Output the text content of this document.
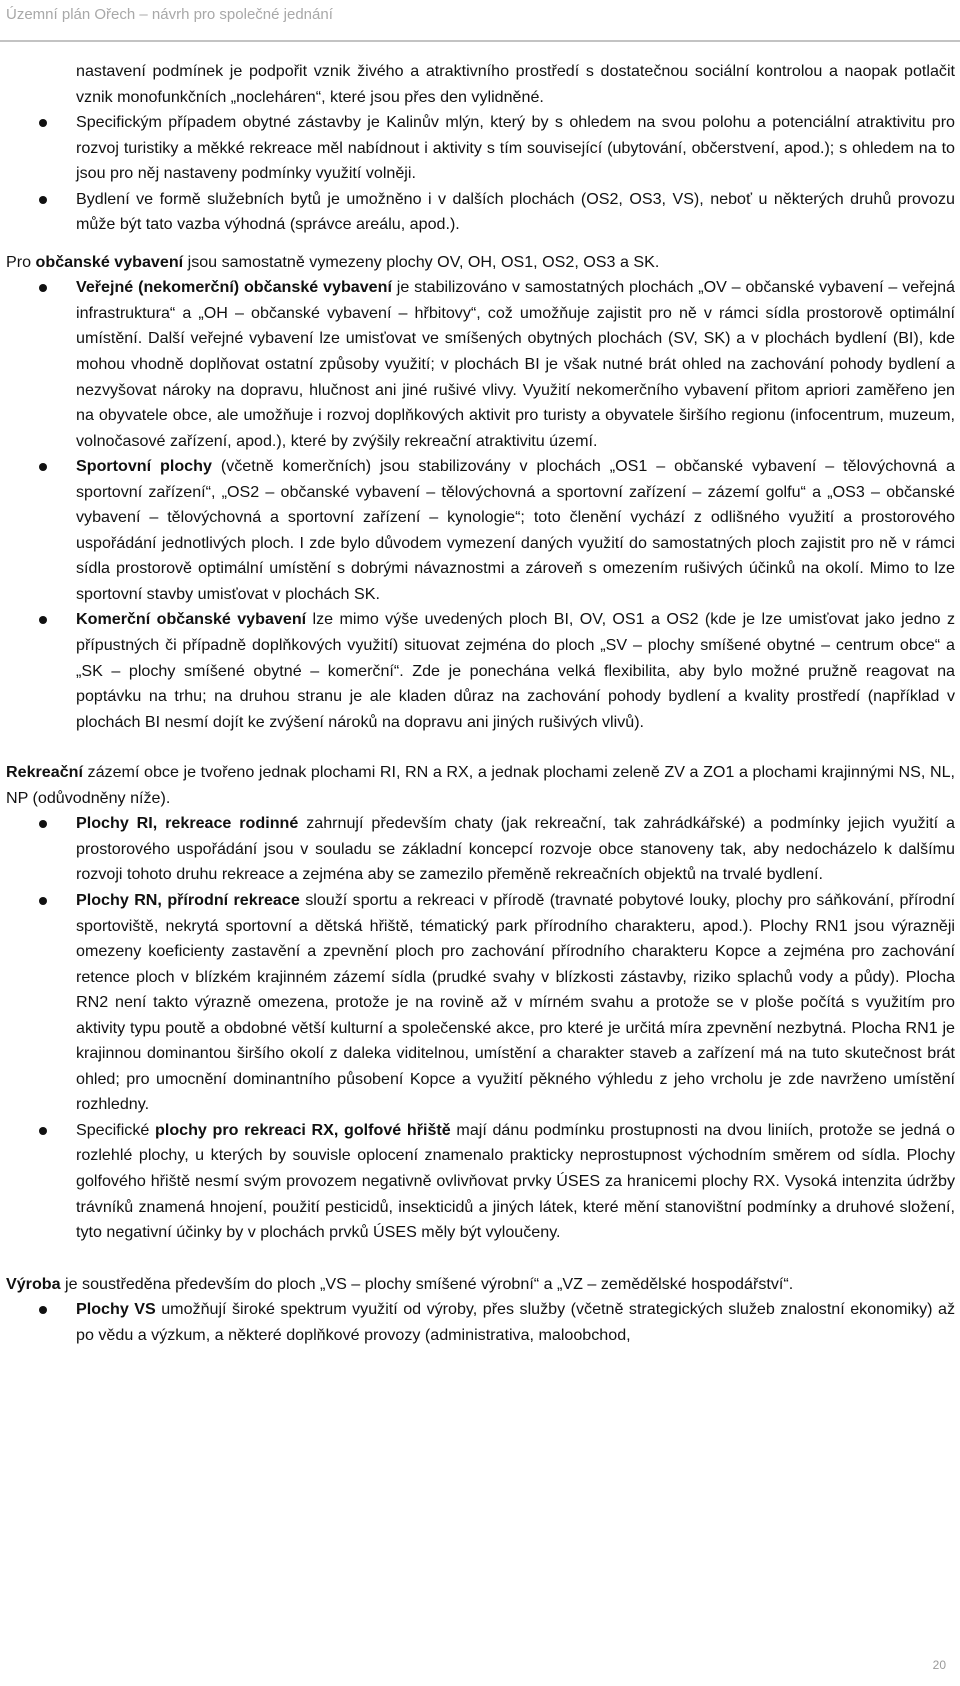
Územní plán Ořech – návrh pro společné jednání

nastavení podmínek je podpořit vznik živého a atraktivního prostředí s dostatečnou sociální kontrolou a naopak potlačit vznik monofunkčních „nocleháren“, které jsou přes den vylidněné.

Specifickým případem obytné zástavby je Kalinův mlýn, který by s ohledem na svou polohu a potenciální atraktivitu pro rozvoj turistiky a měkké rekreace měl nabídnout i aktivity s tím související (ubytování, občerstvení, apod.); s ohledem na to jsou pro něj nastaveny podmínky využití volněji.
Bydlení ve formě služebních bytů je umožněno i v dalších plochách (OS2, OS3, VS), neboť u některých druhů provozu může být tato vazba výhodná (správce areálu, apod.).

Pro občanské vybavení jsou samostatně vymezeny plochy OV, OH, OS1, OS2, OS3 a SK.

Veřejné (nekomerční) občanské vybavení je stabilizováno v samostatných plochách „OV – občanské vybavení – veřejná infrastruktura“ a „OH – občanské vybavení – hřbitovy“, což umožňuje zajistit pro ně v rámci sídla prostorově optimální umístění. Další veřejné vybavení lze umisťovat ve smíšených obytných plochách (SV, SK) a v plochách bydlení (BI), kde mohou vhodně doplňovat ostatní způsoby využití; v plochách BI je však nutné brát ohled na zachování pohody bydlení a nezvyšovat nároky na dopravu, hlučnost ani jiné rušivé vlivy. Využití nekomerčního vybavení přitom apriori zaměřeno jen na obyvatele obce, ale umožňuje i rozvoj doplňkových aktivit pro turisty a obyvatele širšího regionu (infocentrum, muzeum, volnočasové zařízení, apod.), které by zvýšily rekreační atraktivitu území.
Sportovní plochy (včetně komerčních) jsou stabilizovány v plochách „OS1 – občanské vybavení – tělovýchovná a sportovní zařízení“, „OS2 – občanské vybavení – tělovýchovná a sportovní zařízení – zázemí golfu“ a „OS3 – občanské vybavení – tělovýchovná a sportovní zařízení – kynologie“; toto členění vychází z odlišného využití a prostorového uspořádání jednotlivých ploch. I zde bylo důvodem vymezení daných využití do samostatných ploch zajistit pro ně v rámci sídla prostorově optimální umístění s dobrými návaznostmi a zároveň s omezením rušivých účinků na okolí. Mimo to lze sportovní stavby umisťovat v plochách SK.
Komerční občanské vybavení lze mimo výše uvedených ploch BI, OV, OS1 a OS2 (kde je lze umisťovat jako jedno z přípustných či případně doplňkových využití) situovat zejména do ploch „SV – plochy smíšené obytné – centrum obce“ a „SK – plochy smíšené obytné – komerční“. Zde je ponechána velká flexibilita, aby bylo možné pružně reagovat na poptávku na trhu; na druhou stranu je ale kladen důraz na zachování pohody bydlení a kvality prostředí (například v plochách BI nesmí dojít ke zvýšení nároků na dopravu ani jiných rušivých vlivů).

Rekreační zázemí obce je tvořeno jednak plochami RI, RN a RX, a jednak plochami zeleně ZV a ZO1 a plochami krajinnými NS, NL, NP (odůvodněny níže).

Plochy RI, rekreace rodinné zahrnují především chaty (jak rekreační, tak zahrádkářské) a podmínky jejich využití a prostorového uspořádání jsou v souladu se základní koncepcí rozvoje obce stanoveny tak, aby nedocházelo k dalšímu rozvoji tohoto druhu rekreace a zejména aby se zamezilo přeměně rekreačních objektů na trvalé bydlení.
Plochy RN, přírodní rekreace slouží sportu a rekreaci v přírodě (travnaté pobytové louky, plochy pro sáňkování, přírodní sportoviště, nekrytá sportovní a dětská hřiště, tématický park přírodního charakteru, apod.). Plochy RN1 jsou výrazněji omezeny koeficienty zastavění a zpevnění ploch pro zachování přírodního charakteru Kopce a zejména pro zachování retence ploch v blízkém krajinném zázemí sídla (prudké svahy v blízkosti zástavby, riziko splachů vody a půdy). Plocha RN2 není takto výrazně omezena, protože je na rovině až v mírném svahu a protože se v ploše počítá s využitím pro aktivity typu poutě a obdobné větší kulturní a společenské akce, pro které je určitá míra zpevnění nezbytná. Plocha RN1 je krajinnou dominantou širšího okolí z daleka viditelnou, umístění a charakter staveb a zařízení má na tuto skutečnost brát ohled; pro umocnění dominantního působení Kopce a využití pěkného výhledu z jeho vrcholu je zde navrženo umístění rozhledny.
Specifické plochy pro rekreaci RX, golfové hřiště mají dánu podmínku prostupnosti na dvou liniích, protože se jedná o rozlehlé plochy, u kterých by souvisle oplocení znamenalo prakticky neprostupnost východním směrem od sídla. Plochy golfového hřiště nesmí svým provozem negativně ovlivňovat prvky ÚSES za hranicemi plochy RX. Vysoká intenzita údržby trávníků znamená hnojení, použití pesticidů, insekticidů a jiných látek, které mění stanovištní podmínky a druhové složení, tyto negativní účinky by v plochách prvků ÚSES měly být vyloučeny.

Výroba je soustředěna především do ploch „VS – plochy smíšené výrobní“ a „VZ – zemědělské hospodářství“.

Plochy VS umožňují široké spektrum využití od výroby, přes služby (včetně strategických služeb znalostní ekonomiky) až po vědu a výzkum, a některé doplňkové provozy (administrativa, maloobchod,
20
